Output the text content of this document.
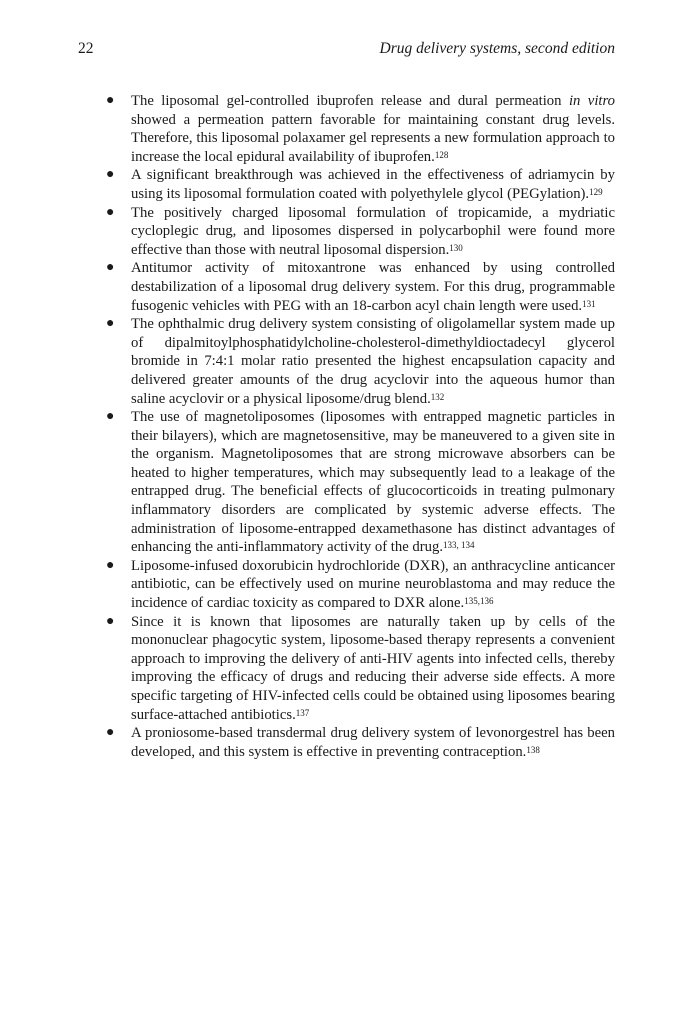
22	Drug delivery systems, second edition
● The liposomal gel-controlled ibuprofen release and dural permeation in vitro showed a permeation pattern favorable for maintaining constant drug levels. Therefore, this liposomal polaxamer gel represents a new formulation approach to increase the local epidural availability of ibuprofen.$^{128}$
● A significant breakthrough was achieved in the effectiveness of adriamycin by using its liposomal formulation coated with polyethylele glycol (PEGylation).$^{129}$
● The positively charged liposomal formulation of tropicamide, a mydriatic cycloplegic drug, and liposomes dispersed in polycarbophil were found more effective than those with neutral liposomal dispersion.$^{130}$
● Antitumor activity of mitoxantrone was enhanced by using controlled destabilization of a liposomal drug delivery system. For this drug, programmable fusogenic vehicles with PEG with an 18-carbon acyl chain length were used.$^{131}$
● The ophthalmic drug delivery system consisting of oligolamellar system made up of dipalmitoylphosphatidylcholine-cholesterol-dimethyldioctadecyl glycerol bromide in 7:4:1 molar ratio presented the highest encapsulation capacity and delivered greater amounts of the drug acyclovir into the aqueous humor than saline acyclovir or a physical liposome/drug blend.$^{132}$
● The use of magnetoliposomes (liposomes with entrapped magnetic particles in their bilayers), which are magnetosensitive, may be maneuvered to a given site in the organism. Magnetoliposomes that are strong microwave absorbers can be heated to higher temperatures, which may subsequently lead to a leakage of the entrapped drug. The beneficial effects of glucocorticoids in treating pulmonary inflammatory disorders are complicated by systemic adverse effects. The administration of liposome-entrapped dexamethasone has distinct advantages of enhancing the anti-inflammatory activity of the drug.$^{133, 134}$
● Liposome-infused doxorubicin hydrochloride (DXR), an anthracycline anticancer antibiotic, can be effectively used on murine neuroblastoma and may reduce the incidence of cardiac toxicity as compared to DXR alone.$^{135,136}$
● Since it is known that liposomes are naturally taken up by cells of the mononuclear phagocytic system, liposome-based therapy represents a convenient approach to improving the delivery of anti-HIV agents into infected cells, thereby improving the efficacy of drugs and reducing their adverse side effects. A more specific targeting of HIV-infected cells could be obtained using liposomes bearing surface-attached antibiotics.$^{137}$
● A proniosome-based transdermal drug delivery system of levonorgestrel has been developed, and this system is effective in preventing contraception.$^{138}$
